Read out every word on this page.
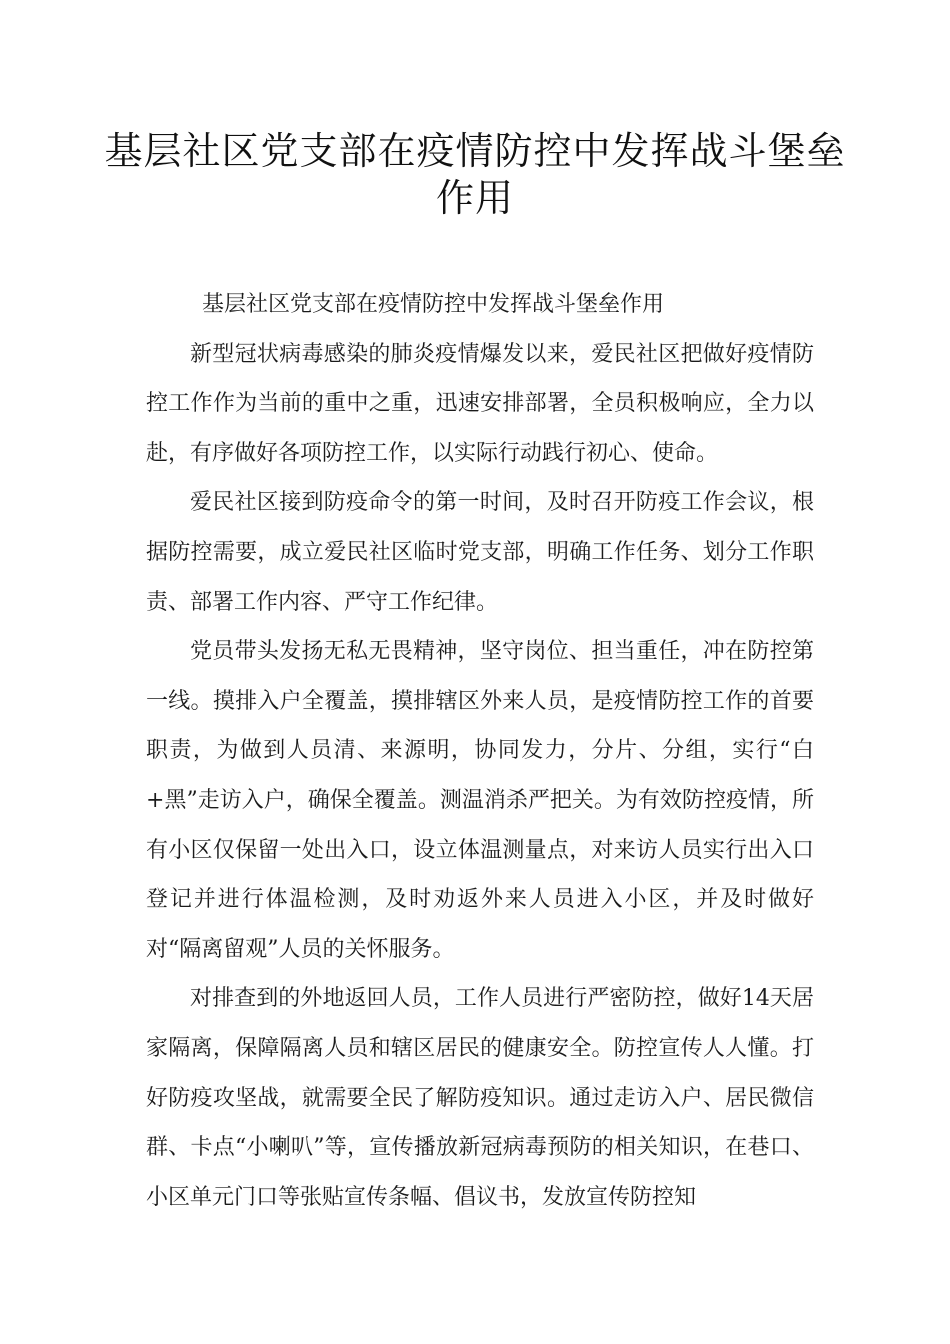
基层社区党支部在疫情防控中发挥战斗堡垒作用

基层社区党支部在疫情防控中发挥战斗堡垒作用

新型冠状病毒感染的肺炎疫情爆发以来，爱民社区把做好疫情防控工作作为当前的重中之重，迅速安排部署，全员积极响应，全力以赴，有序做好各项防控工作，以实际行动践行初心、使命。

爱民社区接到防疫命令的第一时间，及时召开防疫工作会议，根据防控需要，成立爱民社区临时党支部，明确工作任务、划分工作职责、部署工作内容、严守工作纪律。

党员带头发扬无私无畏精神，坚守岗位、担当重任，冲在防控第一线。摸排入户全覆盖，摸排辖区外来人员，是疫情防控工作的首要职责，为做到人员清、来源明，协同发力，分片、分组，实行“白+黑”走访入户，确保全覆盖。测温消杀严把关。为有效防控疫情，所有小区仅保留一处出入口，设立体温测量点，对来访人员实行出入口登记并进行体温检测，及时劝返外来人员进入小区，并及时做好对“隔离留观”人员的关怀服务。

对排查到的外地返回人员，工作人员进行严密防控，做好14天居家隔离，保障隔离人员和辖区居民的健康安全。防控宣传人人懂。打好防疫攻坚战，就需要全民了解防疫知识。通过走访入户、居民微信群、卡点“小喇叭”等，宣传播放新冠病毒预防的相关知识，在巷口、小区单元门口等张贴宣传条幅、倡议书，发放宣传防控知
